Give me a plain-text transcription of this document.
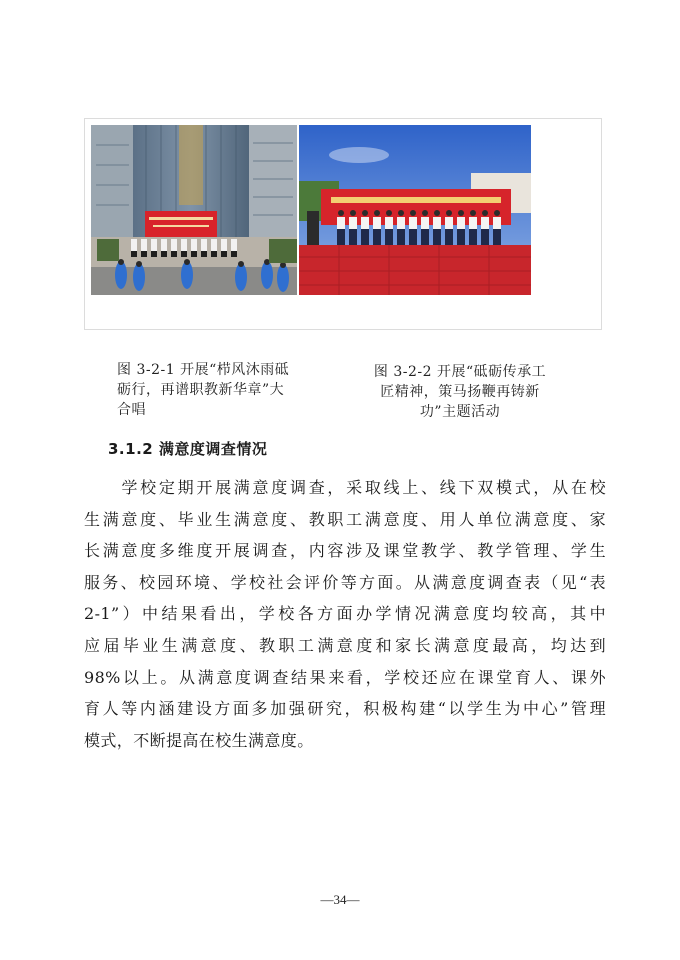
图 3-2-1 开展“栉风沐雨砥
砺行，再谱职教新华章”大
合唱
图 3-2-2 开展“砥砺传承工
匠精神，策马扬鞭再铸新
功”主题活动
3.1.2 满意度调查情况
　　学校定期开展满意度调查，采取线上、线下双模式，从在校
生满意度、毕业生满意度、教职工满意度、用人单位满意度、家
长满意度多维度开展调查，内容涉及课堂教学、教学管理、学生
服务、校园环境、学校社会评价等方面。从满意度调查表（见“表
2-1”）中结果看出，学校各方面办学情况满意度均较高，其中
应届毕业生满意度、教职工满意度和家长满意度最高，均达到
98%以上。从满意度调查结果来看，学校还应在课堂育人、课外
育人等内涵建设方面多加强研究，积极构建“以学生为中心”管理
模式，不断提高在校生满意度。
—34—
